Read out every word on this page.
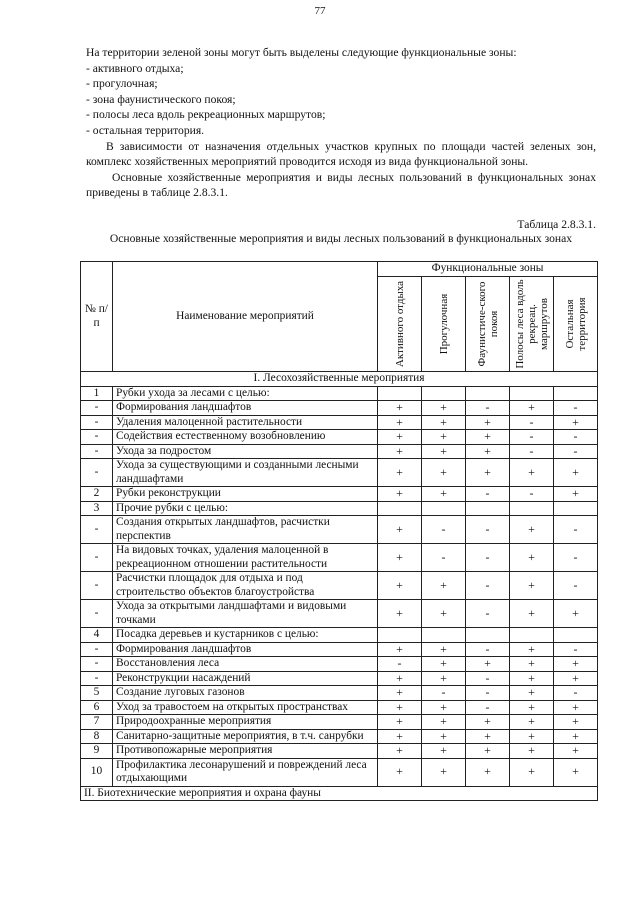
77

На территории зеленой зоны могут быть выделены следующие функциональные зоны:

- активного отдыха;

- прогулочная;

- зона фаунистического покоя;

- полосы леса вдоль рекреационных маршрутов;

- остальная территория.

В зависимости от назначения отдельных участков крупных по площади частей зеленых зон, комплекс хозяйственных мероприятий проводится исходя из вида функциональной зоны.

Основные хозяйственные мероприятия и виды лесных пользований в функциональных зонах приведены в таблице 2.8.3.1.

Таблица 2.8.3.1.
Основные хозяйственные мероприятия и виды лесных пользований в функциональных зонах
№ п/п	Наименование мероприятий	Функциональные зоны				

		Активного отдыха	Прогулочная	Фаунистиче-ского покоя	Полосы леса вдоль рекреац. маршрутов	Остальная территория

I. Лесохозяйственные мероприятия						
1	Рубки ухода за лесами с целью:					
-	Формирования ландшафтов	+	+	-	+	-
-	Удаления малоценной растительности	+	+	+	-	+
-	Содействия естественному возобновлению	+	+	+	-	-
-	Ухода за подростом	+	+	+	-	-
-	Ухода за существующими и созданными лесными ландшафтами	+	+	+	+	+
2	Рубки реконструкции	+	+	-	-	+
3	Прочие рубки с целью:					
-	Создания открытых ландшафтов, расчистки перспектив	+	-	-	+	-
-	На видовых точках, удаления малоценной в рекреационном отношении растительности	+	-	-	+	-
-	Расчистки площадок для отдыха и под строительство объектов благоустройства	+	+	-	+	-
-	Ухода за открытыми ландшафтами и видовыми точками	+	+	-	+	+
4	Посадка деревьев и кустарников с целью:					
-	Формирования ландшафтов	+	+	-	+	-
-	Восстановления леса	-	+	+	+	+
-	Реконструкции насаждений	+	+	-	+	+
5	Создание луговых газонов	+	-	-	+	-
6	Уход за травостоем на открытых пространствах	+	+	-	+	+
7	Природоохранные мероприятия	+	+	+	+	+
8	Санитарно-защитные мероприятия, в т.ч. санрубки	+	+	+	+	+
9	Противопожарные мероприятия	+	+	+	+	+
10	Профилактика лесонарушений и повреждений леса отдыхающими	+	+	+	+	+
II. Биотехнические мероприятия и охрана фауны						
